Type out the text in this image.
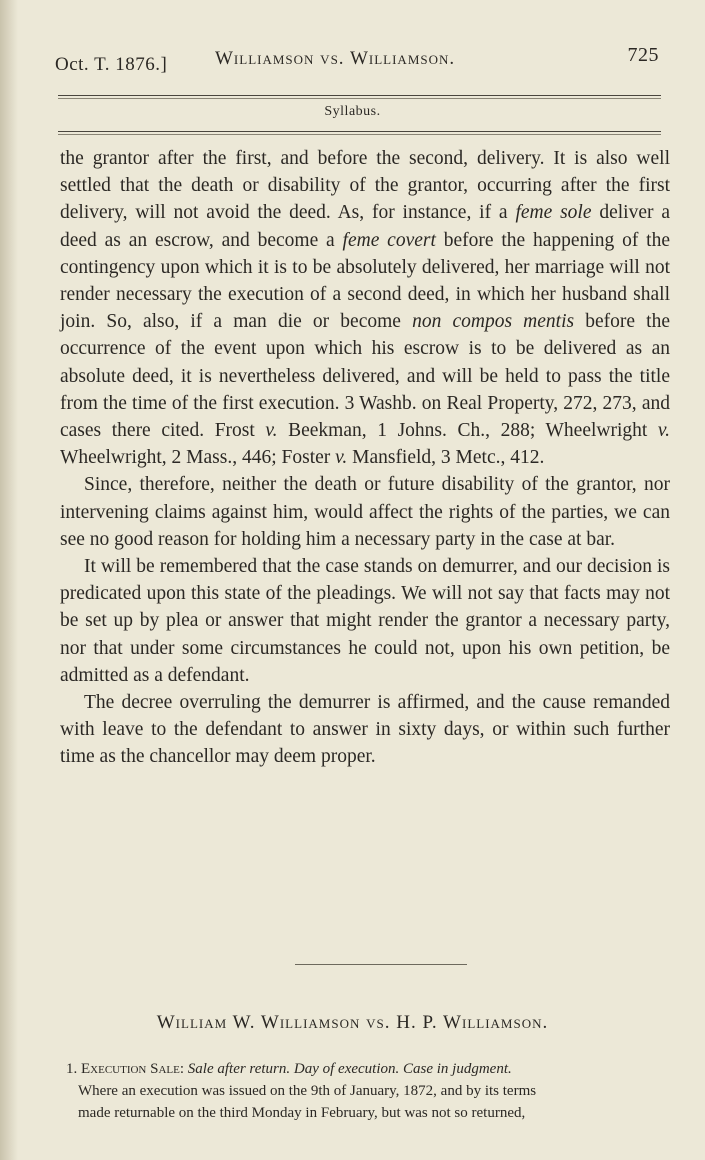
Oct. T. 1876.]	Williamson vs. Williamson.	725
Syllabus.

the grantor after the first, and before the second, delivery. It is also well settled that the death or disability of the grantor, occurring after the first delivery, will not avoid the deed. As, for instance, if a feme sole deliver a deed as an escrow, and become a feme covert before the happening of the contingency upon which it is to be absolutely delivered, her marriage will not render necessary the execution of a second deed, in which her husband shall join. So, also, if a man die or become non compos mentis before the occurrence of the event upon which his escrow is to be delivered as an absolute deed, it is nevertheless delivered, and will be held to pass the title from the time of the first execution. 3 Washb. on Real Property, 272, 273, and cases there cited. Frost v. Beekman, 1 Johns. Ch., 288; Wheelwright v. Wheelwright, 2 Mass., 446; Foster v. Mansfield, 3 Metc., 412.

Since, therefore, neither the death or future disability of the grantor, nor intervening claims against him, would affect the rights of the parties, we can see no good reason for holding him a necessary party in the case at bar.

It will be remembered that the case stands on demurrer, and our decision is predicated upon this state of the pleadings. We will not say that facts may not be set up by plea or answer that might render the grantor a necessary party, nor that under some circumstances he could not, upon his own petition, be admitted as a defendant.

The decree overruling the demurrer is affirmed, and the cause remanded with leave to the defendant to answer in sixty days, or within such further time as the chancellor may deem proper.

William W. Williamson vs. H. P. Williamson.
1. Execution Sale: Sale after return. Day of execution. Case in judgment.
Where an execution was issued on the 9th of January, 1872, and by its terms
made returnable on the third Monday in February, but was not so returned,
